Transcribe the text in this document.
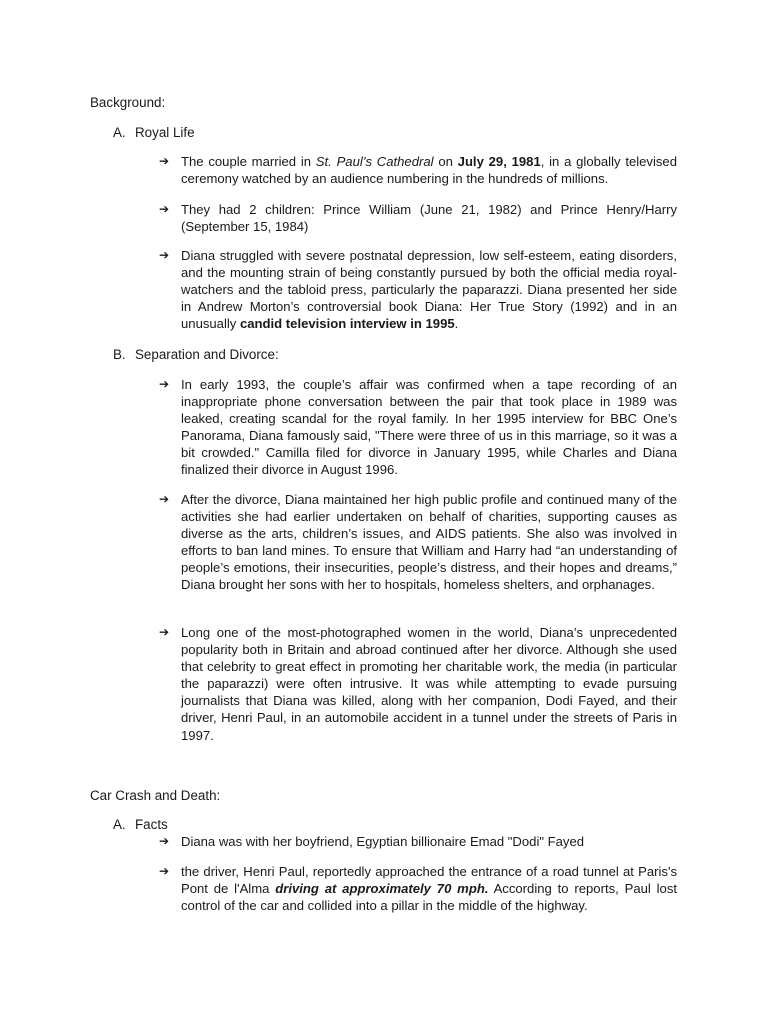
Background:
A. Royal Life
➔ The couple married in St. Paul’s Cathedral on July 29, 1981, in a globally televised ceremony watched by an audience numbering in the hundreds of millions.

➔ They had 2 children: Prince William (June 21, 1982) and Prince Henry/Harry (September 15, 1984)

➔ Diana struggled with severe postnatal depression, low self-esteem, eating disorders, and the mounting strain of being constantly pursued by both the official media royal-watchers and the tabloid press, particularly the paparazzi. Diana presented her side in Andrew Morton’s controversial book Diana: Her True Story (1992) and in an unusually candid television interview in 1995.

B. Separation and Divorce:
➔ In early 1993, the couple’s affair was confirmed when a tape recording of an inappropriate phone conversation between the pair that took place in 1989 was leaked, creating scandal for the royal family. In her 1995 interview for BBC One’s Panorama, Diana famously said, "There were three of us in this marriage, so it was a bit crowded." Camilla filed for divorce in January 1995, while Charles and Diana finalized their divorce in August 1996.

➔ After the divorce, Diana maintained her high public profile and continued many of the activities she had earlier undertaken on behalf of charities, supporting causes as diverse as the arts, children’s issues, and AIDS patients. She also was involved in efforts to ban land mines. To ensure that William and Harry had “an understanding of people’s emotions, their insecurities, people’s distress, and their hopes and dreams,” Diana brought her sons with her to hospitals, homeless shelters, and orphanages.

➔ Long one of the most-photographed women in the world, Diana’s unprecedented popularity both in Britain and abroad continued after her divorce. Although she used that celebrity to great effect in promoting her charitable work, the media (in particular the paparazzi) were often intrusive. It was while attempting to evade pursuing journalists that Diana was killed, along with her companion, Dodi Fayed, and their driver, Henri Paul, in an automobile accident in a tunnel under the streets of Paris in 1997.

Car Crash and Death:
A. Facts
➔ Diana was with her boyfriend, Egyptian billionaire Emad "Dodi" Fayed

➔ the driver, Henri Paul, reportedly approached the entrance of a road tunnel at Paris's Pont de l'Alma driving at approximately 70 mph. According to reports, Paul lost control of the car and collided into a pillar in the middle of the highway.
